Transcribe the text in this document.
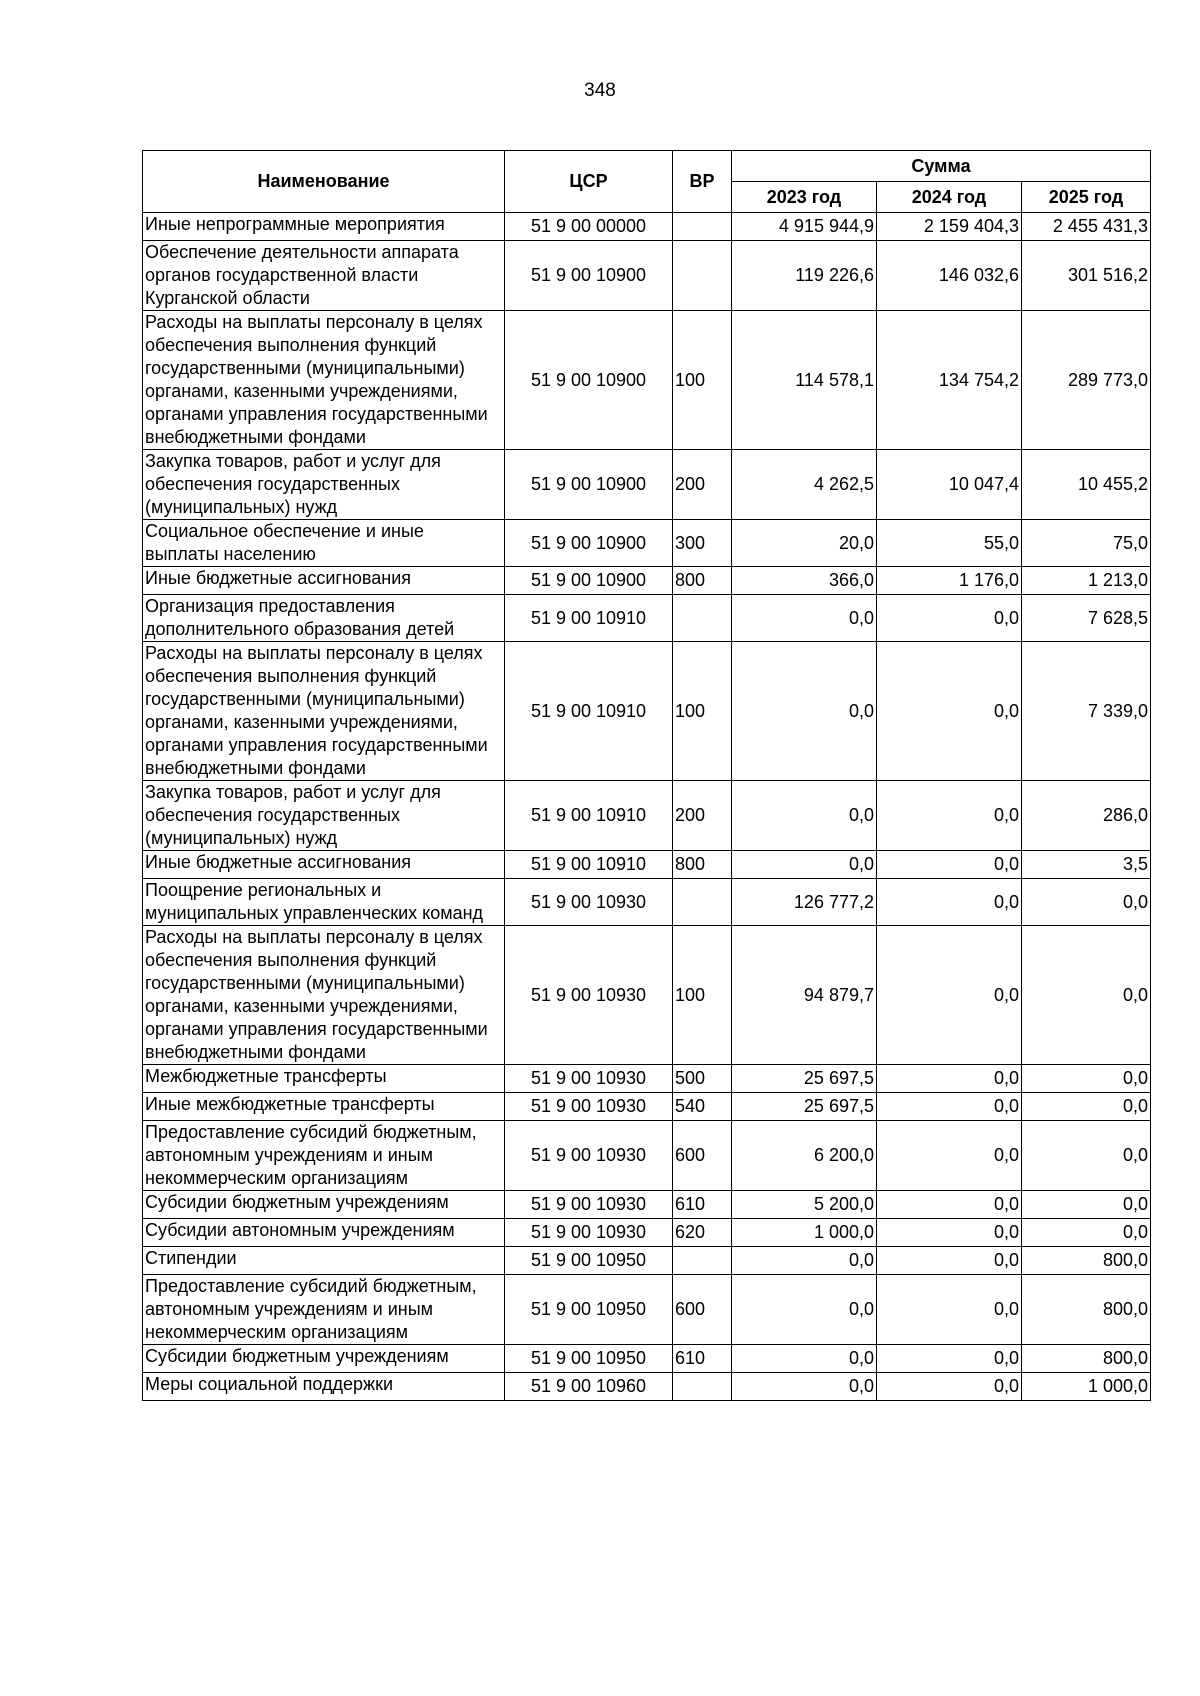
348
Наименование	ЦСР	ВР	Сумма		
			2023 год	2024 год	2025 год
Иные непрограммные мероприятия	51 9 00 00000		4 915 944,9	2 159 404,3	2 455 431,3
Обеспечение деятельности аппарата органов государственной власти Курганской области	51 9 00 10900		119 226,6	146 032,6	301 516,2
Расходы на выплаты персоналу в целях обеспечения выполнения функций государственными (муниципальными) органами, казенными учреждениями, органами управления государственными внебюджетными фондами	51 9 00 10900	100	114 578,1	134 754,2	289 773,0
Закупка товаров, работ и услуг для обеспечения государственных (муниципальных) нужд	51 9 00 10900	200	4 262,5	10 047,4	10 455,2
Социальное обеспечение и иные выплаты населению	51 9 00 10900	300	20,0	55,0	75,0
Иные бюджетные ассигнования	51 9 00 10900	800	366,0	1 176,0	1 213,0
Организация предоставления дополнительного образования детей	51 9 00 10910		0,0	0,0	7 628,5
Расходы на выплаты персоналу в целях обеспечения выполнения функций государственными (муниципальными) органами, казенными учреждениями, органами управления государственными внебюджетными фондами	51 9 00 10910	100	0,0	0,0	7 339,0
Закупка товаров, работ и услуг для обеспечения государственных (муниципальных) нужд	51 9 00 10910	200	0,0	0,0	286,0
Иные бюджетные ассигнования	51 9 00 10910	800	0,0	0,0	3,5
Поощрение региональных и муниципальных управленческих команд	51 9 00 10930		126 777,2	0,0	0,0
Расходы на выплаты персоналу в целях обеспечения выполнения функций государственными (муниципальными) органами, казенными учреждениями, органами управления государственными внебюджетными фондами	51 9 00 10930	100	94 879,7	0,0	0,0
Межбюджетные трансферты	51 9 00 10930	500	25 697,5	0,0	0,0
Иные межбюджетные трансферты	51 9 00 10930	540	25 697,5	0,0	0,0
Предоставление субсидий бюджетным, автономным учреждениям и иным некоммерческим организациям	51 9 00 10930	600	6 200,0	0,0	0,0
Субсидии бюджетным учреждениям	51 9 00 10930	610	5 200,0	0,0	0,0
Субсидии автономным учреждениям	51 9 00 10930	620	1 000,0	0,0	0,0
Стипендии	51 9 00 10950		0,0	0,0	800,0
Предоставление субсидий бюджетным, автономным учреждениям и иным некоммерческим организациям	51 9 00 10950	600	0,0	0,0	800,0
Субсидии бюджетным учреждениям	51 9 00 10950	610	0,0	0,0	800,0
Меры социальной поддержки	51 9 00 10960		0,0	0,0	1 000,0
